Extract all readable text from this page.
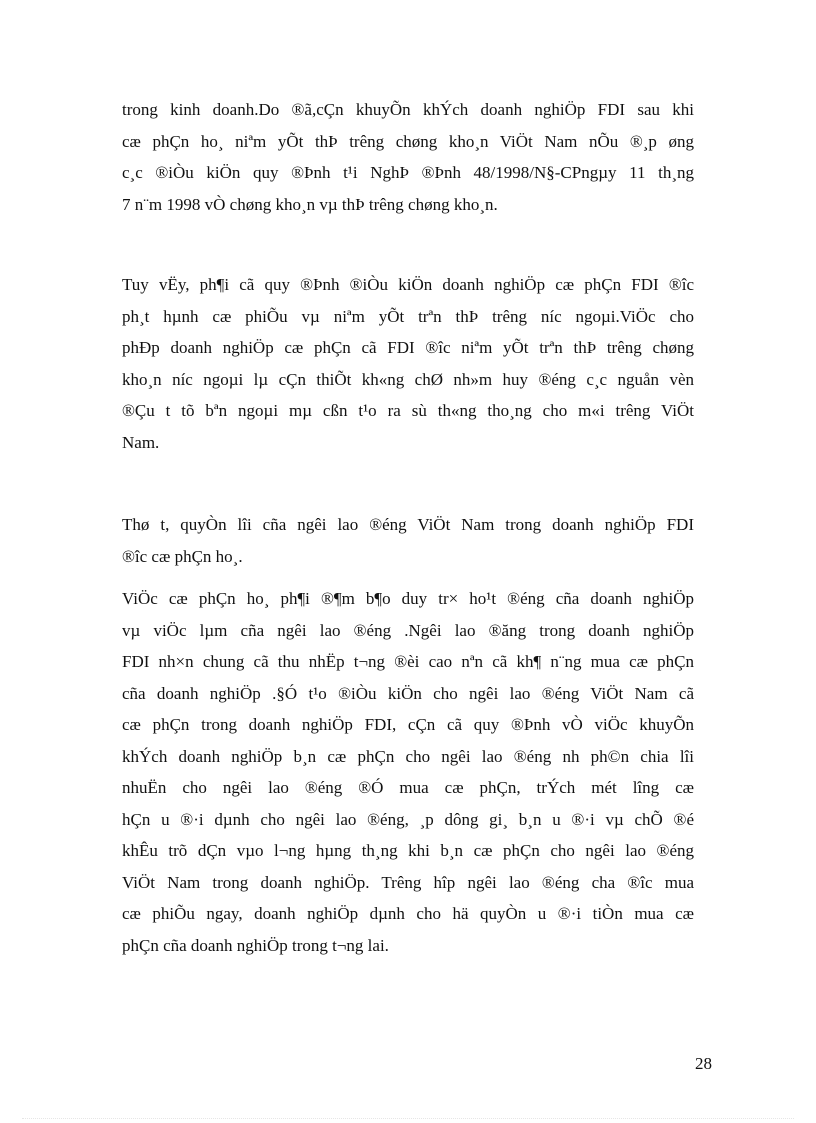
trong kinh doanh.Do ®ã,cÇn khuyÕn khÝch doanh nghiÖp FDI sau khi
cæ phÇn ho¸ niªm yÕt thÞ trêng chøng kho¸n ViÖt Nam nÕu ®¸p øng
c¸c ®iÒu kiÖn quy ®Þnh t¹i NghÞ ®Þnh 48/1998/N§-CPngµy 11 th¸ng
7 n¨m 1998 vÒ chøng kho¸n vµ thÞ trêng chøng kho¸n.
Tuy vËy, ph¶i cã quy ®Þnh ®iÒu kiÖn doanh nghiÖp cæ phÇn FDI ®îc
ph¸t hµnh cæ phiÕu vµ niªm yÕt trªn thÞ trêng níc ngoµi.ViÖc cho
phÐp doanh nghiÖp cæ phÇn cã FDI ®îc niªm yÕt trªn thÞ trêng chøng
kho¸n níc ngoµi lµ cÇn thiÕt kh«ng chØ nh»m huy ®éng c¸c nguån vèn
®Çu t tõ bªn ngoµi mµ cßn t¹o ra sù th«ng tho¸ng cho m«i trêng ViÖt
Nam.
Thø t, quyÒn lîi cña ngêi lao ®éng ViÖt Nam trong doanh nghiÖp FDI
®îc cæ phÇn ho¸.
ViÖc cæ phÇn ho¸ ph¶i ®¶m b¶o duy tr× ho¹t ®éng cña doanh nghiÖp
vµ viÖc lµm cña ngêi lao ®éng .Ngêi lao ®ăng trong doanh nghiÖp
FDI nh×n chung cã thu nhËp t¬ng ®èi cao nªn cã kh¶ n¨ng mua cæ phÇn
cña doanh nghiÖp .§Ó t¹o ®iÒu kiÖn cho ngêi lao ®éng ViÖt Nam cã
cæ phÇn trong doanh nghiÖp FDI, cÇn cã quy ®Þnh vÒ viÖc khuyÕn
khÝch doanh nghiÖp b¸n cæ phÇn cho ngêi lao ®éng nh ph©n chia lîi
nhuËn cho ngêi lao ®éng ®Ó mua cæ phÇn, trÝch mét lîng cæ
hÇn u ®·i dµnh cho ngêi lao ®éng, ¸p dông gi¸ b¸n u ®·i vµ chÕ ®é
khÊu trõ dÇn vµo l¬ng hµng th¸ng khi b¸n cæ phÇn cho ngêi lao ®éng
ViÖt Nam trong doanh nghiÖp. Trêng hîp ngêi lao ®éng cha ®îc mua
cæ phiÕu ngay, doanh nghiÖp dµnh cho hä quyÒn u ®·i tiÒn mua cæ
phÇn cña doanh nghiÖp trong t¬ng lai.
28
